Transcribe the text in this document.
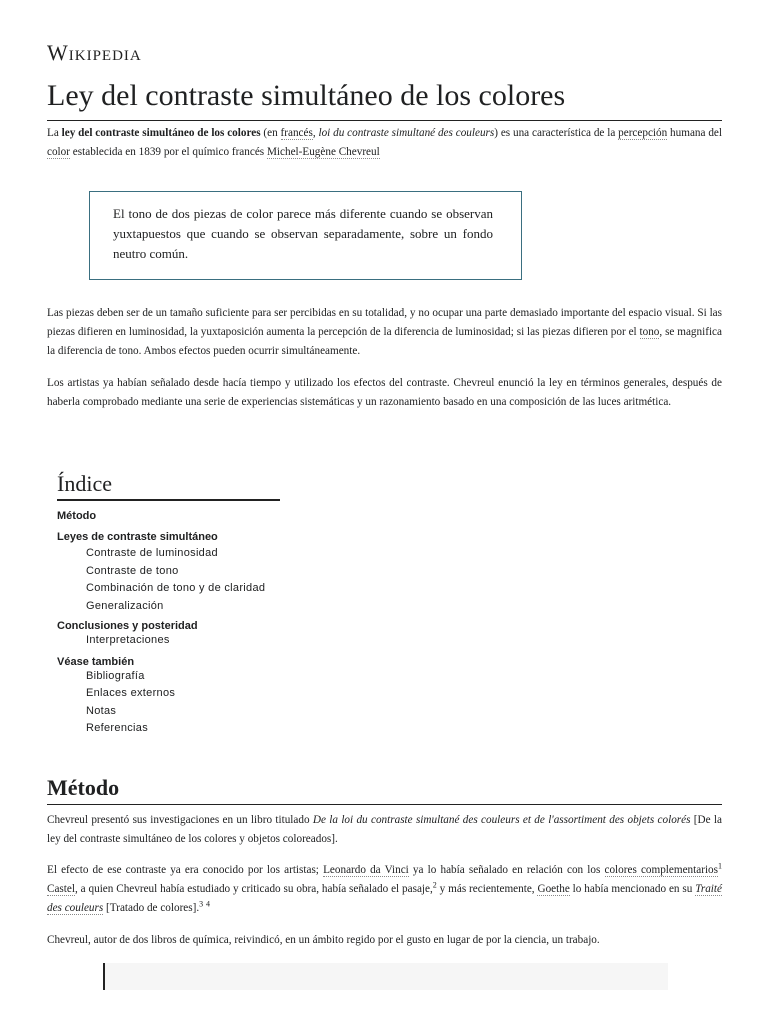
Wikipedia
Ley del contraste simultáneo de los colores
La ley del contraste simultáneo de los colores (en francés, loi du contraste simultané des couleurs) es una característica de la percepción humana del color establecida en 1839 por el químico francés Michel-Eugène Chevreul
El tono de dos piezas de color parece más diferente cuando se observan yuxtapuestos que cuando se observan separadamente, sobre un fondo neutro común.
Las piezas deben ser de un tamaño suficiente para ser percibidas en su totalidad, y no ocupar una parte demasiado importante del espacio visual. Si las piezas difieren en luminosidad, la yuxtaposición aumenta la percepción de la diferencia de luminosidad; si las piezas difieren por el tono, se magnifica la diferencia de tono. Ambos efectos pueden ocurrir simultáneamente.
Los artistas ya habían señalado desde hacía tiempo y utilizado los efectos del contraste. Chevreul enunció la ley en términos generales, después de haberla comprobado mediante una serie de experiencias sistemáticas y un razonamiento basado en una composición de las luces aritmética.
Índice
Método
Leyes de contraste simultáneo
Contraste de luminosidad
Contraste de tono
Combinación de tono y de claridad
Generalización
Conclusiones y posteridad
Interpretaciones
Véase también
Bibliografía
Enlaces externos
Notas
Referencias
Método
Chevreul presentó sus investigaciones en un libro titulado De la loi du contraste simultané des couleurs et de l'assortiment des objets colorés [De la ley del contraste simultáneo de los colores y objetos coloreados].
El efecto de ese contraste ya era conocido por los artistas; Leonardo da Vinci ya lo había señalado en relación con los colores complementarios$^1$ Castel, a quien Chevreul había estudiado y criticado su obra, había señalado el pasaje,$^2$ y más recientemente, Goethe lo había mencionado en su Traité des couleurs [Tratado de colores].$^3$ $^4$
Chevreul, autor de dos libros de química, reivindicó, en un ámbito regido por el gusto en lugar de por la ciencia, un trabajo.
